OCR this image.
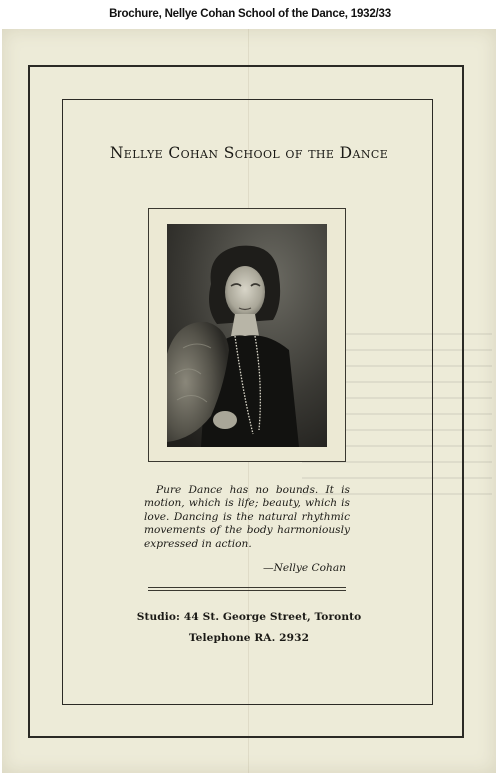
Brochure, Nellye Cohan School of the Dance, 1932/33
Nellye Cohan School of the Dance
Pure Dance has no bounds. It is motion, which is life; beauty, which is love. Dancing is the natural rhythmic movements of the body harmoniously expressed in action.
—Nellye Cohan
Studio: 44 St. George Street, Toronto
Telephone RA. 2932
